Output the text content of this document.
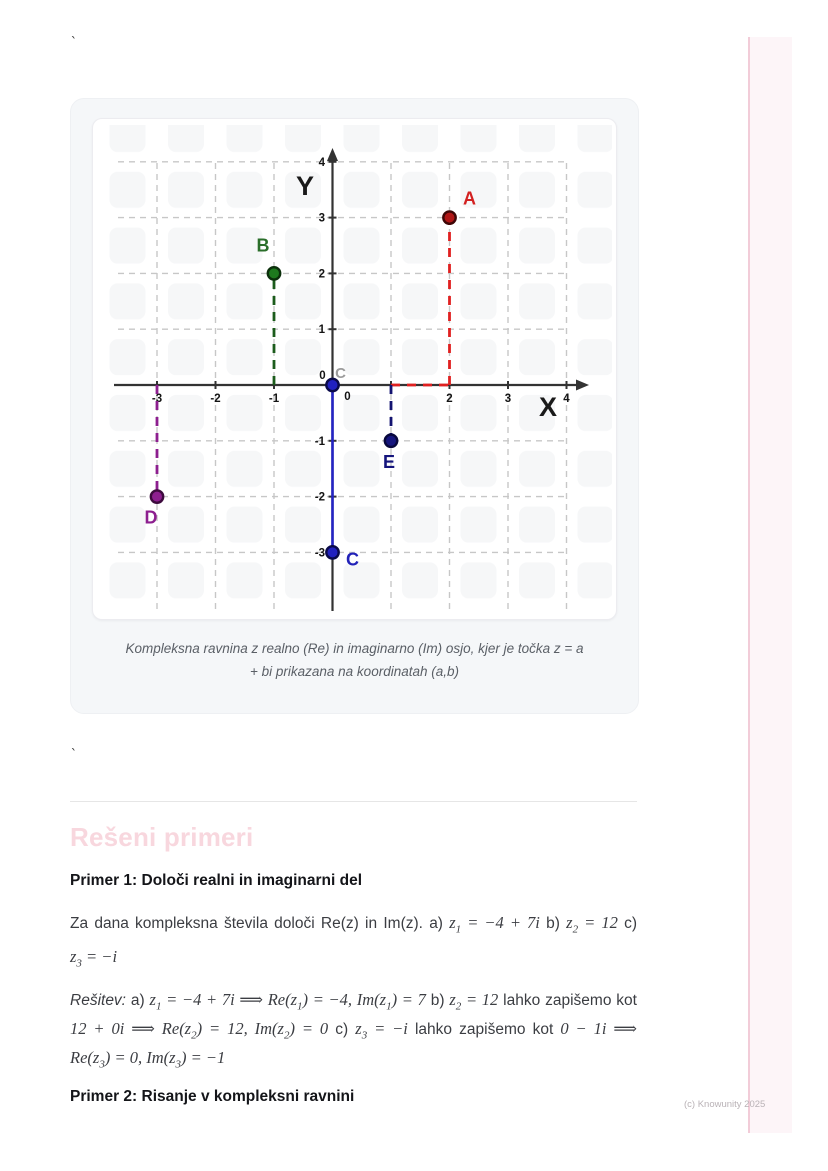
`
-3	-2	-1	2	3	4
4
3
2
1
-1
-2
-3
0
0
X
Y	A
B
C
D
E
C
Kompleksna ravnina z realno (Re) in imaginarno (Im) osjo, kjer je točka z = a
+ bi prikazana na koordinatah (a,b)
`
Rešeni primeri
Primer 1: Določi realni in imaginarni del
Za dana kompleksna števila določi Re(z) in Im(z). a) $z_1 = -4 + 7i$ b) $z_2 = 12$ c)
$z_3 = -i$
Rešitev: a) $z_1 = -4 + 7i$ ⟹ $Re(z_1) = -4$, $Im(z_1) = 7$ b) $z_2 = 12$ lahko zapišemo kot
12 + 0i ⟹ $Re(z_2) = 12$, $Im(z_2) = 0$ c) $z_3 = -i$ lahko zapišemo kot 0 − 1i ⟹
$Re(z_3) = 0$, $Im(z_3) = -1$
Primer 2: Risanje v kompleksni ravnini	(c) Knowunity 2025
